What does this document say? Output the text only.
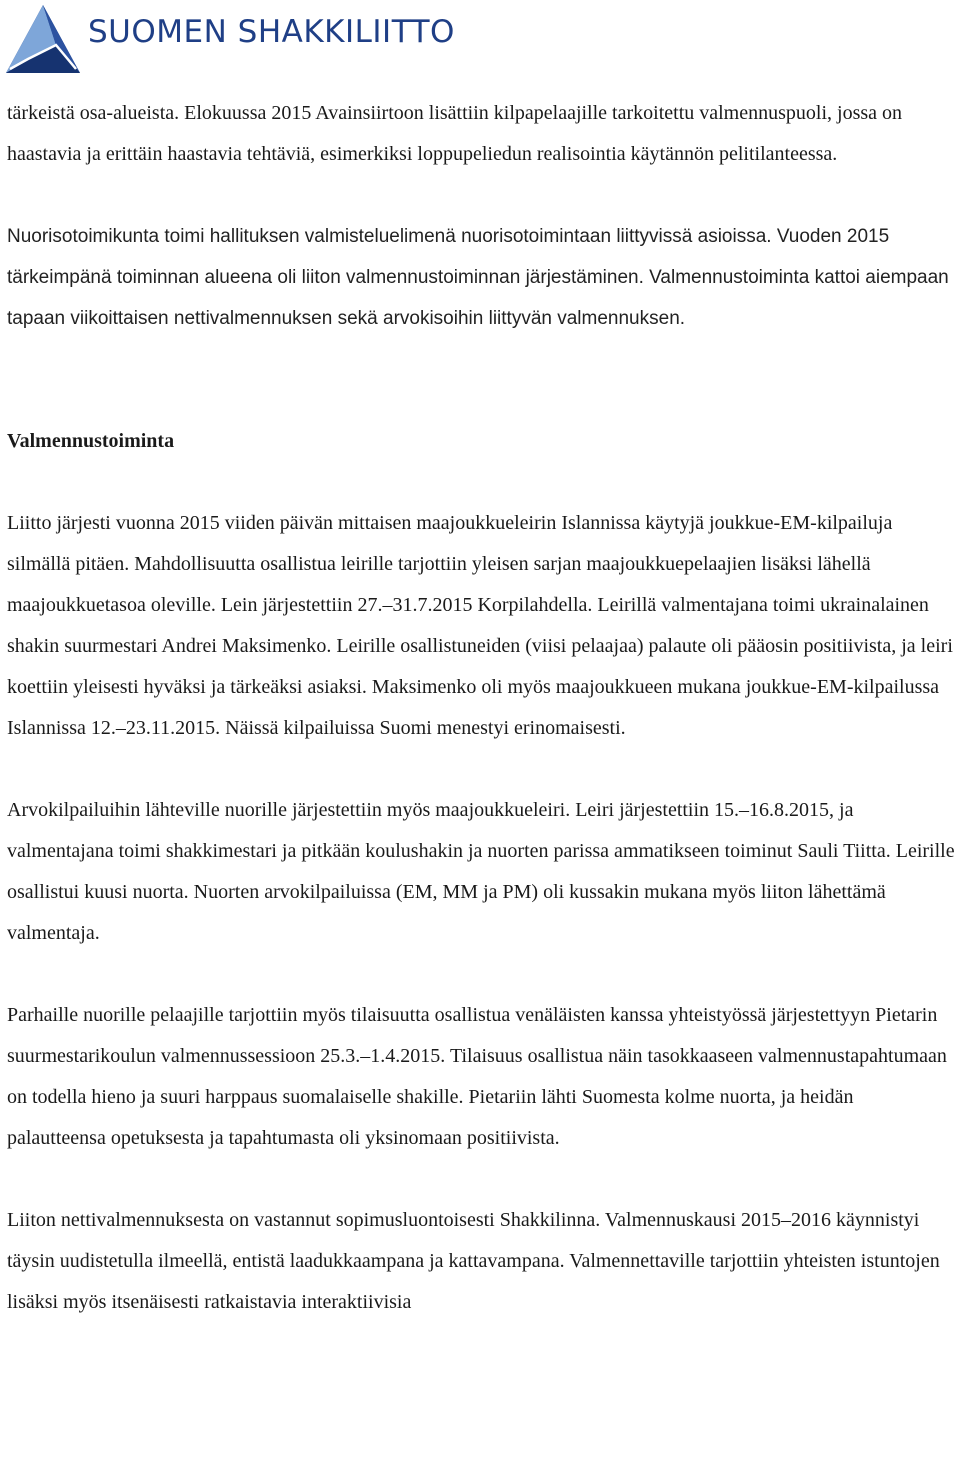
SUOMEN SHAKKILIITTO

tärkeistä osa-alueista. Elokuussa 2015 Avainsiirtoon lisättiin kilpapelaajille tarkoitettu valmennuspuoli, jossa on haastavia ja erittäin haastavia tehtäviä, esimerkiksi loppupeliedun realisointia käytännön pelitilanteessa.

Nuorisotoimikunta toimi hallituksen valmisteluelimenä nuorisotoimintaan liittyvissä asioissa. Vuoden 2015 tärkeimpänä toiminnan alueena oli liiton valmennustoiminnan järjestäminen. Valmennustoiminta kattoi aiempaan tapaan viikoittaisen nettivalmennuksen sekä arvokisoihin liittyvän valmennuksen.

Valmennustoiminta

Liitto järjesti vuonna 2015 viiden päivän mittaisen maajoukkueleirin Islannissa käytyjä joukkue-EM-kilpailuja silmällä pitäen. Mahdollisuutta osallistua leirille tarjottiin yleisen sarjan maajoukkuepelaajien lisäksi lähellä maajoukkuetasoa oleville. Lein järjestettiin 27.–31.7.2015 Korpilahdella. Leirillä valmentajana toimi ukrainalainen shakin suurmestari Andrei Maksimenko. Leirille osallistuneiden (viisi pelaajaa) palaute oli pääosin positiivista, ja leiri koettiin yleisesti hyväksi ja tärkeäksi asiaksi. Maksimenko oli myös maajoukkueen mukana joukkue-EM-kilpailussa Islannissa 12.–23.11.2015. Näissä kilpailuissa Suomi menestyi erinomaisesti.

Arvokilpailuihin lähteville nuorille järjestettiin myös maajoukkueleiri. Leiri järjestettiin 15.–16.8.2015, ja valmentajana toimi shakkimestari ja pitkään koulushakin ja nuorten parissa ammatikseen toiminut Sauli Tiitta. Leirille osallistui kuusi nuorta. Nuorten arvokilpailuissa (EM, MM ja PM) oli kussakin mukana myös liiton lähettämä valmentaja.

Parhaille nuorille pelaajille tarjottiin myös tilaisuutta osallistua venäläisten kanssa yhteistyössä järjestettyyn Pietarin suurmestarikoulun valmennussessioon 25.3.–1.4.2015. Tilaisuus osallistua näin tasokkaaseen valmennustapahtumaan on todella hieno ja suuri harppaus suomalaiselle shakille. Pietariin lähti Suomesta kolme nuorta, ja heidän palautteensa opetuksesta ja tapahtumasta oli yksinomaan positiivista.

Liiton nettivalmennuksesta on vastannut sopimusluontoisesti Shakkilinna. Valmennuskausi 2015–2016 käynnistyi täysin uudistetulla ilmeellä, entistä laadukkaampana ja kattavampana. Valmennettaville tarjottiin yhteisten istuntojen lisäksi myös itsenäisesti ratkaistavia interaktiivisia
